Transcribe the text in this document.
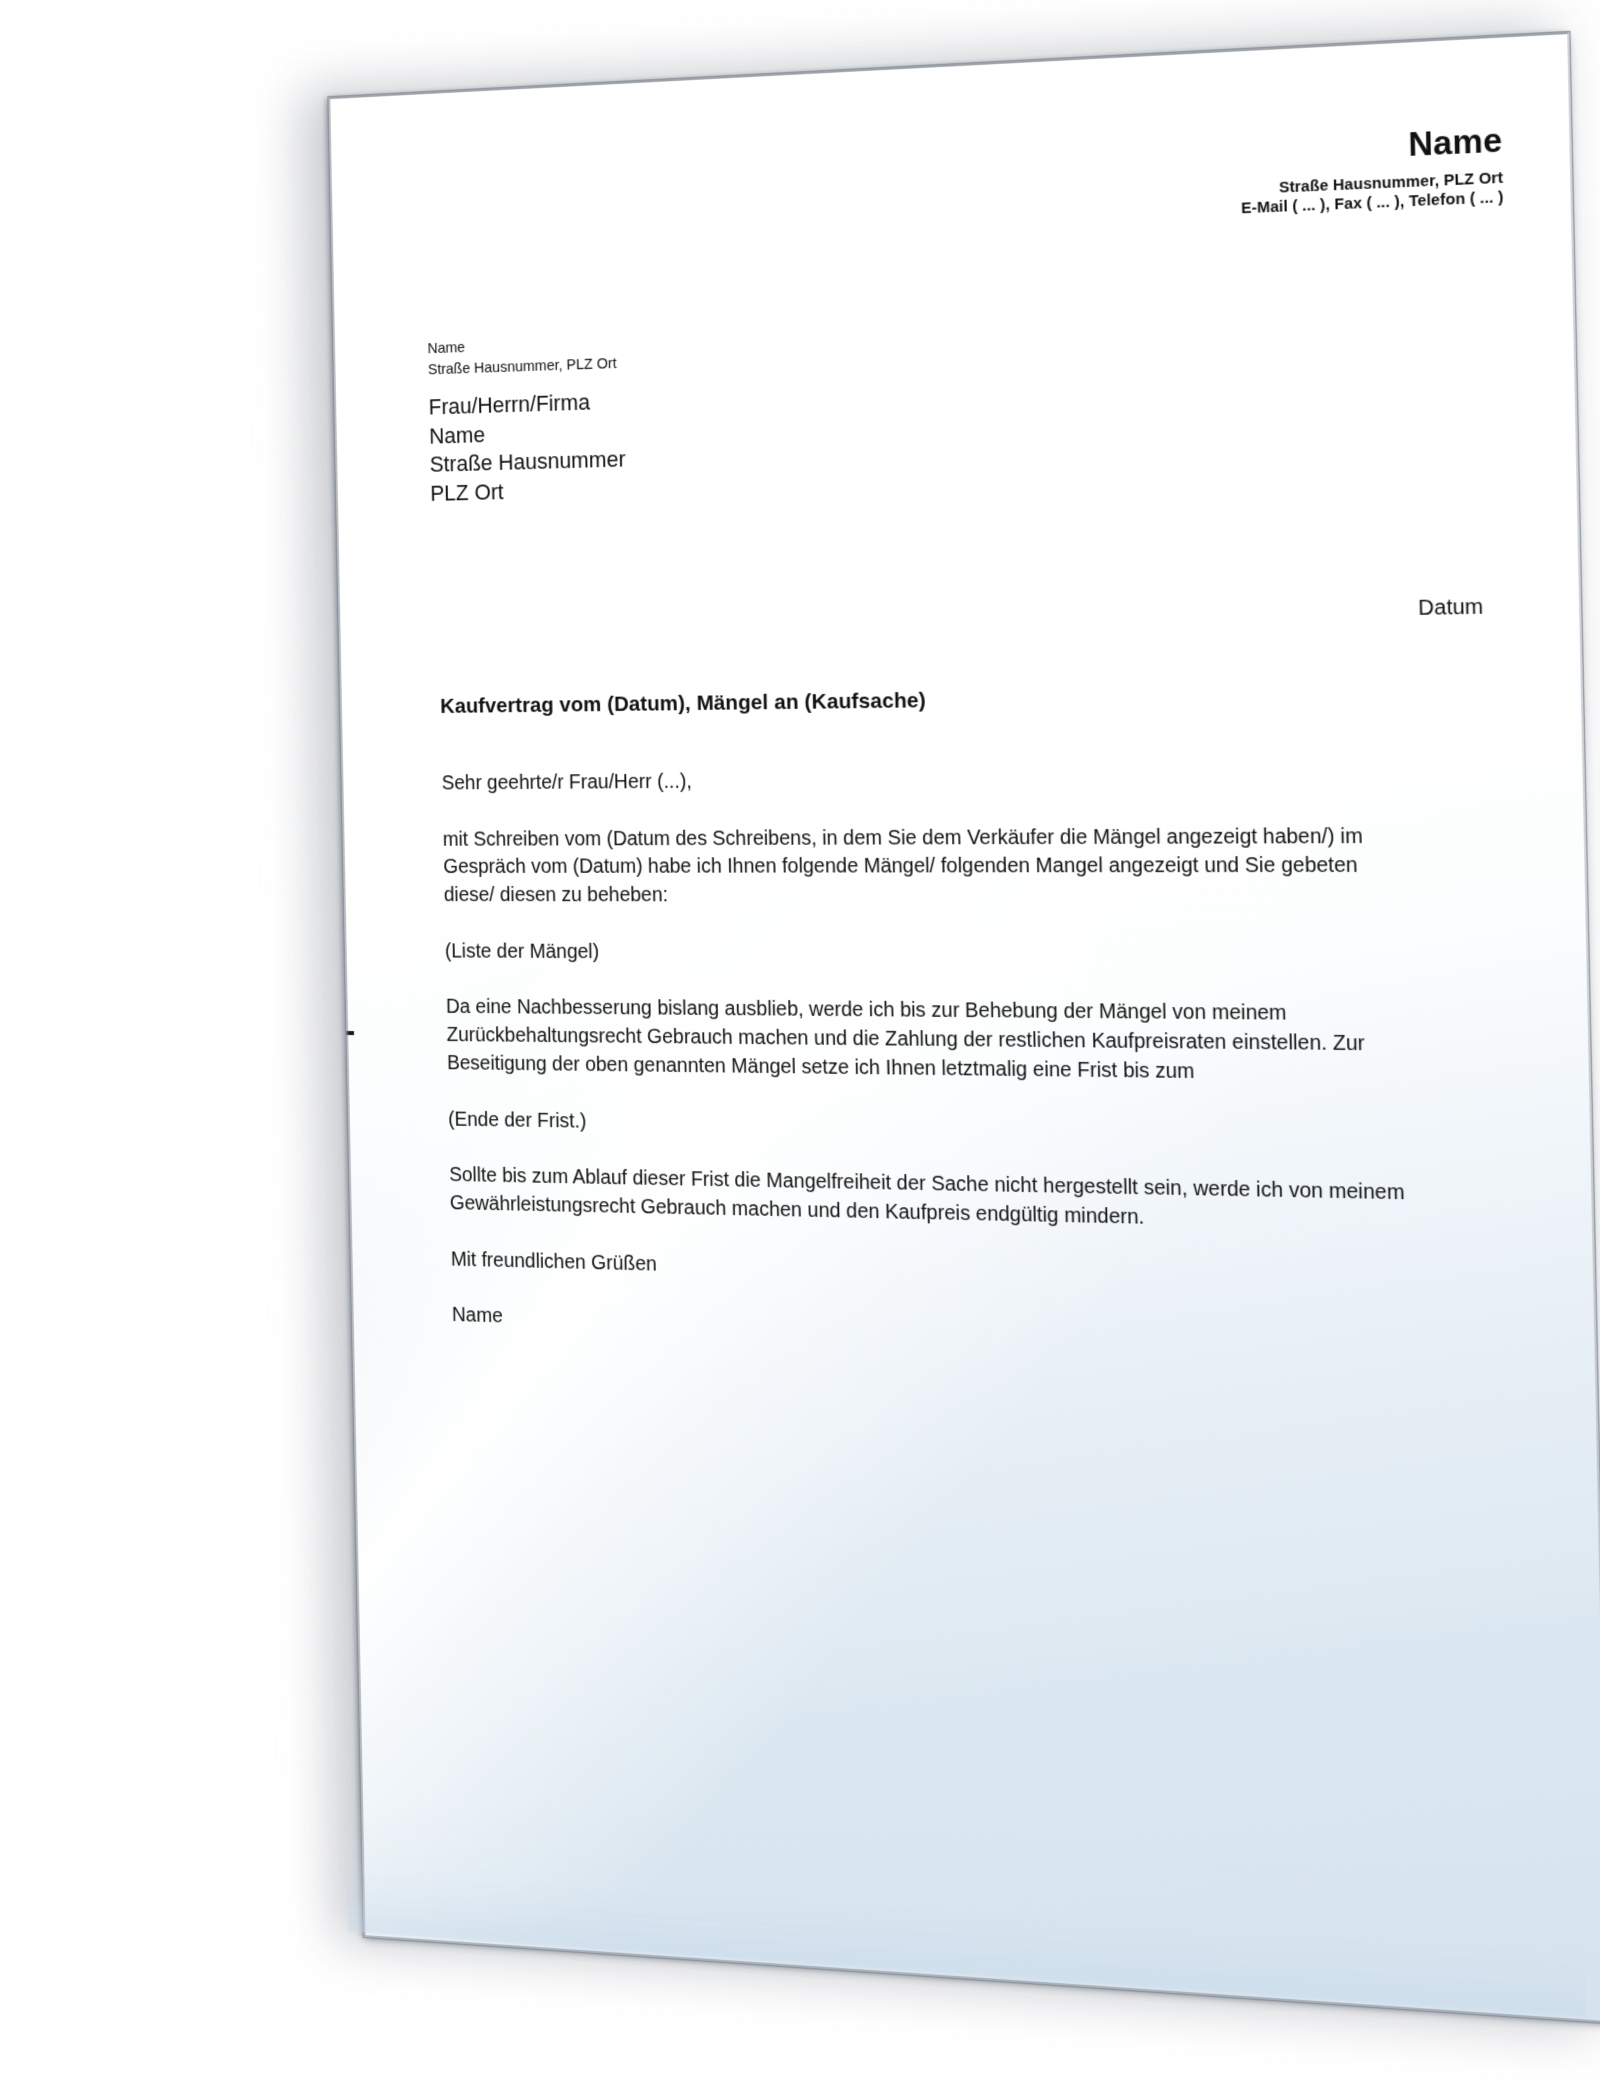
Name
Straße Hausnummer, PLZ Ort
E-Mail ( ... ), Fax ( ... ), Telefon ( ... )
Name
Straße Hausnummer, PLZ Ort
Frau/Herrn/Firma
Name
Straße Hausnummer
PLZ Ort
Datum
Kaufvertrag vom (Datum), Mängel an (Kaufsache)

Sehr geehrte/r Frau/Herr (...),

mit Schreiben vom (Datum des Schreibens, in dem Sie dem Verkäufer die Mängel angezeigt haben/) im Gespräch vom (Datum) habe ich Ihnen folgende Mängel/ folgenden Mangel angezeigt und Sie gebeten diese/ diesen zu beheben:

(Liste der Mängel)

Da eine Nachbesserung bislang ausblieb, werde ich bis zur Behebung der Mängel von meinem Zurückbehaltungsrecht Gebrauch machen und die Zahlung der restlichen Kaufpreisraten einstellen. Zur Beseitigung der oben genannten Mängel setze ich Ihnen letztmalig eine Frist bis zum

(Ende der Frist.)

Sollte bis zum Ablauf dieser Frist die Mangelfreiheit der Sache nicht hergestellt sein, werde ich von meinem Gewährleistungsrecht Gebrauch machen und den Kaufpreis endgültig mindern.

Mit freundlichen Grüßen

Name
